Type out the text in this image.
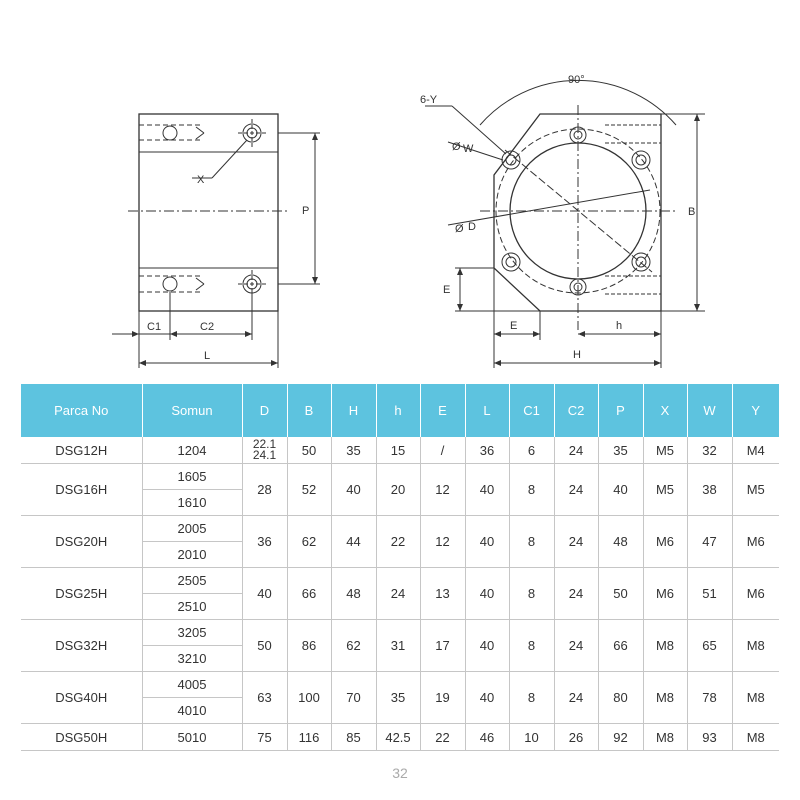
X
P
C1	C2
L
90°
6-Y
Ø W
Ø D
B
E
E	h
H
Parca No	Somun	D	B	H	h	E	L	C1	C2	P	X	W	Y
DSG12H	1204	22.1
24.1	50	35	15	/	36	6	24	35	M5	32	M4
DSG16H	1605	28	52	40	20	12	40	8	24	40	M5	38	M5
	1610												
DSG20H	2005	36	62	44	22	12	40	8	24	48	M6	47	M6
	2010												
DSG25H	2505	40	66	48	24	13	40	8	24	50	M6	51	M6
	2510												
DSG32H	3205	50	86	62	31	17	40	8	24	66	M8	65	M8
	3210												
DSG40H	4005	63	100	70	35	19	40	8	24	80	M8	78	M8
	4010												
DSG50H	5010	75	116	85	42.5	22	46	10	26	92	M8	93	M8
32
